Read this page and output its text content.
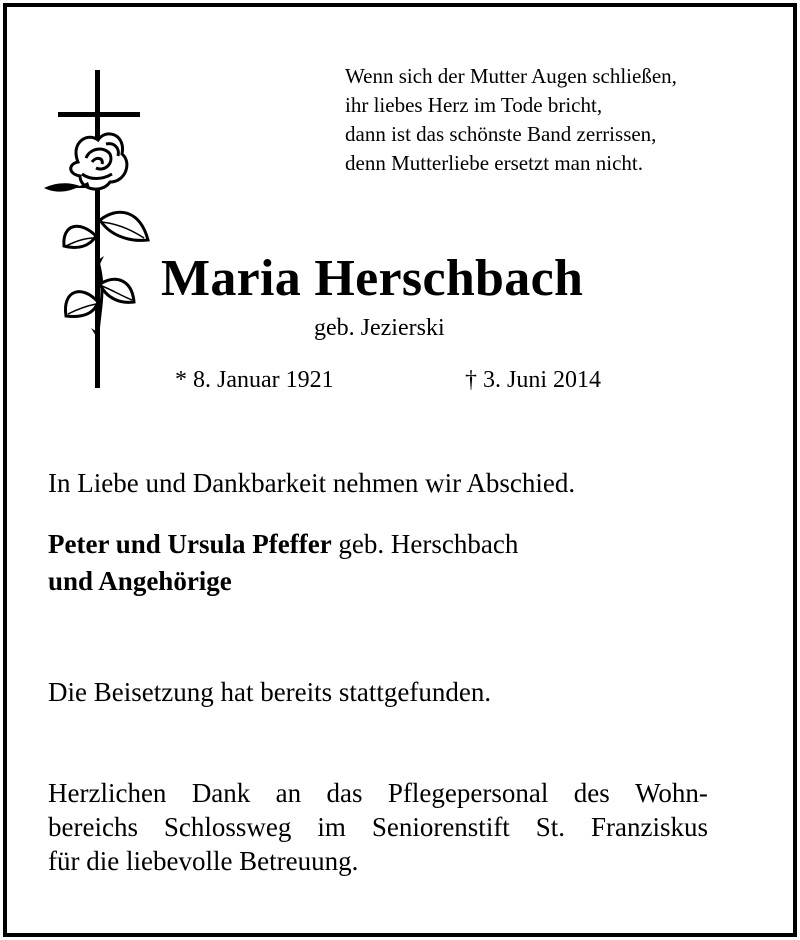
Wenn sich der Mutter Augen schließen,
ihr liebes Herz im Tode bricht,
dann ist das schönste Band zerrissen,
denn Mutterliebe ersetzt man nicht.
Maria Herschbach
geb. Jezierski
* 8. Januar 1921	† 3. Juni 2014
In Liebe und Dankbarkeit nehmen wir Abschied.
Peter und Ursula Pfeffer geb. Herschbach
und Angehörige
Die Beisetzung hat bereits stattgefunden.
Herzlichen Dank an das Pflegepersonal des Wohn-
bereichs Schlossweg im Seniorenstift St. Franziskus
für die liebevolle Betreuung.
